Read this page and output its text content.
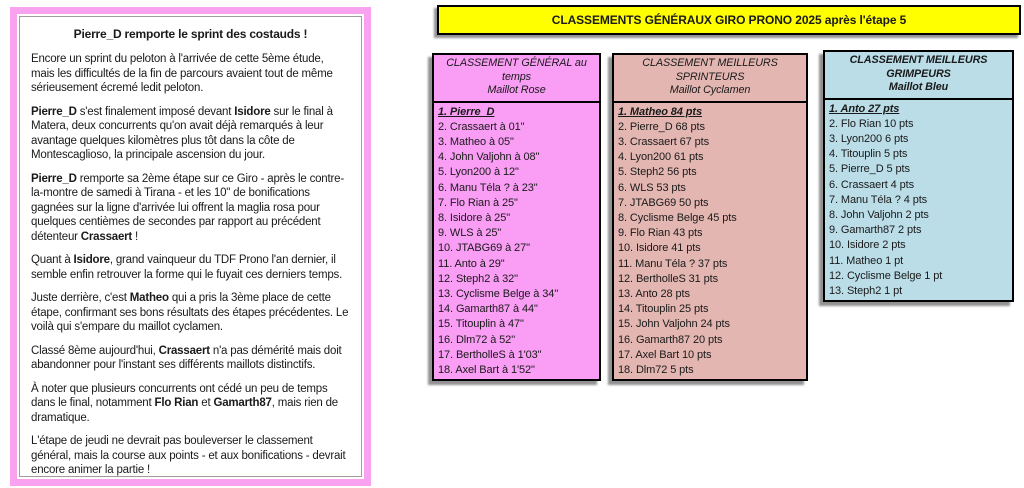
Pierre_D remporte le sprint des costauds !

Encore un sprint du peloton à l'arrivée de cette 5ème étude, mais les difficultés de la fin de parcours avaient tout de même sérieusement écremé ledit peloton.

Pierre_D s'est finalement imposé devant Isidore sur le final à Matera, deux concurrents qu'on avait déjà remarqués à leur avantage quelques kilomètres plus tôt dans la côte de Montescaglioso, la principale ascension du jour.

Pierre_D remporte sa 2ème étape sur ce Giro - après le contre-la-montre de samedi à Tirana - et les 10" de bonifications gagnées sur la ligne d'arrivée lui offrent la maglia rosa pour quelques centièmes de secondes par rapport au précédent détenteur Crassaert !

Quant à Isidore, grand vainqueur du TDF Prono l'an dernier, il semble enfin retrouver la forme qui le fuyait ces derniers temps.

Juste derrière, c'est Matheo qui a pris la 3ème place de cette étape, confirmant ses bons résultats des étapes précédentes. Le voilà qui s'empare du maillot cyclamen.

Classé 8ème aujourd'hui, Crassaert n'a pas démérité mais doit abandonner pour l'instant ses différents maillots distinctifs.

À noter que plusieurs concurrents ont cédé un peu de temps dans le final, notamment Flo Rian et Gamarth87, mais rien de dramatique.

L'étape de jeudi ne devrait pas bouleverser le classement général, mais la course aux points - et aux bonifications - devrait encore animer la partie !

CLASSEMENTS GÉNÉRAUX GIRO PRONO 2025 après l'étape 5
CLASSEMENT GÉNÉRAL au temps
Maillot Rose
1. Pierre_D
2. Crassaert à 01"
3. Matheo à 05"
4. John Valjohn à 08"
5. Lyon200 à 12"
6. Manu Téla ? à 23"
7. Flo Rian à 25"
8. Isidore à 25"
9. WLS à 25"
10. JTABG69 à 27"
11. Anto à 29"
12. Steph2 à 32"
13. Cyclisme Belge à 34"
14. Gamarth87 à 44"
15. Titouplin à 47"
16. Dlm72 à 52"
17. BertholleS à 1'03"
18. Axel Bart à 1'52"
CLASSEMENT MEILLEURS SPRINTEURS
Maillot Cyclamen
1. Matheo 84 pts
2. Pierre_D 68 pts
3. Crassaert 67 pts
4. Lyon200 61 pts
5. Steph2 56 pts
6. WLS 53 pts
7. JTABG69 50 pts
8. Cyclisme Belge 45 pts
9. Flo Rian 43 pts
10. Isidore 41 pts
11. Manu Téla ? 37 pts
12. BertholleS 31 pts
13. Anto 28 pts
14. Titouplin 25 pts
15. John Valjohn 24 pts
16. Gamarth87 20 pts
17. Axel Bart 10 pts
18. Dlm72 5 pts
CLASSEMENT MEILLEURS GRIMPEURS
Maillot Bleu
1. Anto 27 pts
2. Flo Rian 10 pts
3. Lyon200 6 pts
4. Titouplin 5 pts
5. Pierre_D 5 pts
6. Crassaert 4 pts
7. Manu Téla ? 4 pts
8. John Valjohn 2 pts
9. Gamarth87 2 pts
10. Isidore 2 pts
11. Matheo 1 pt
12. Cyclisme Belge 1 pt
13. Steph2 1 pt
